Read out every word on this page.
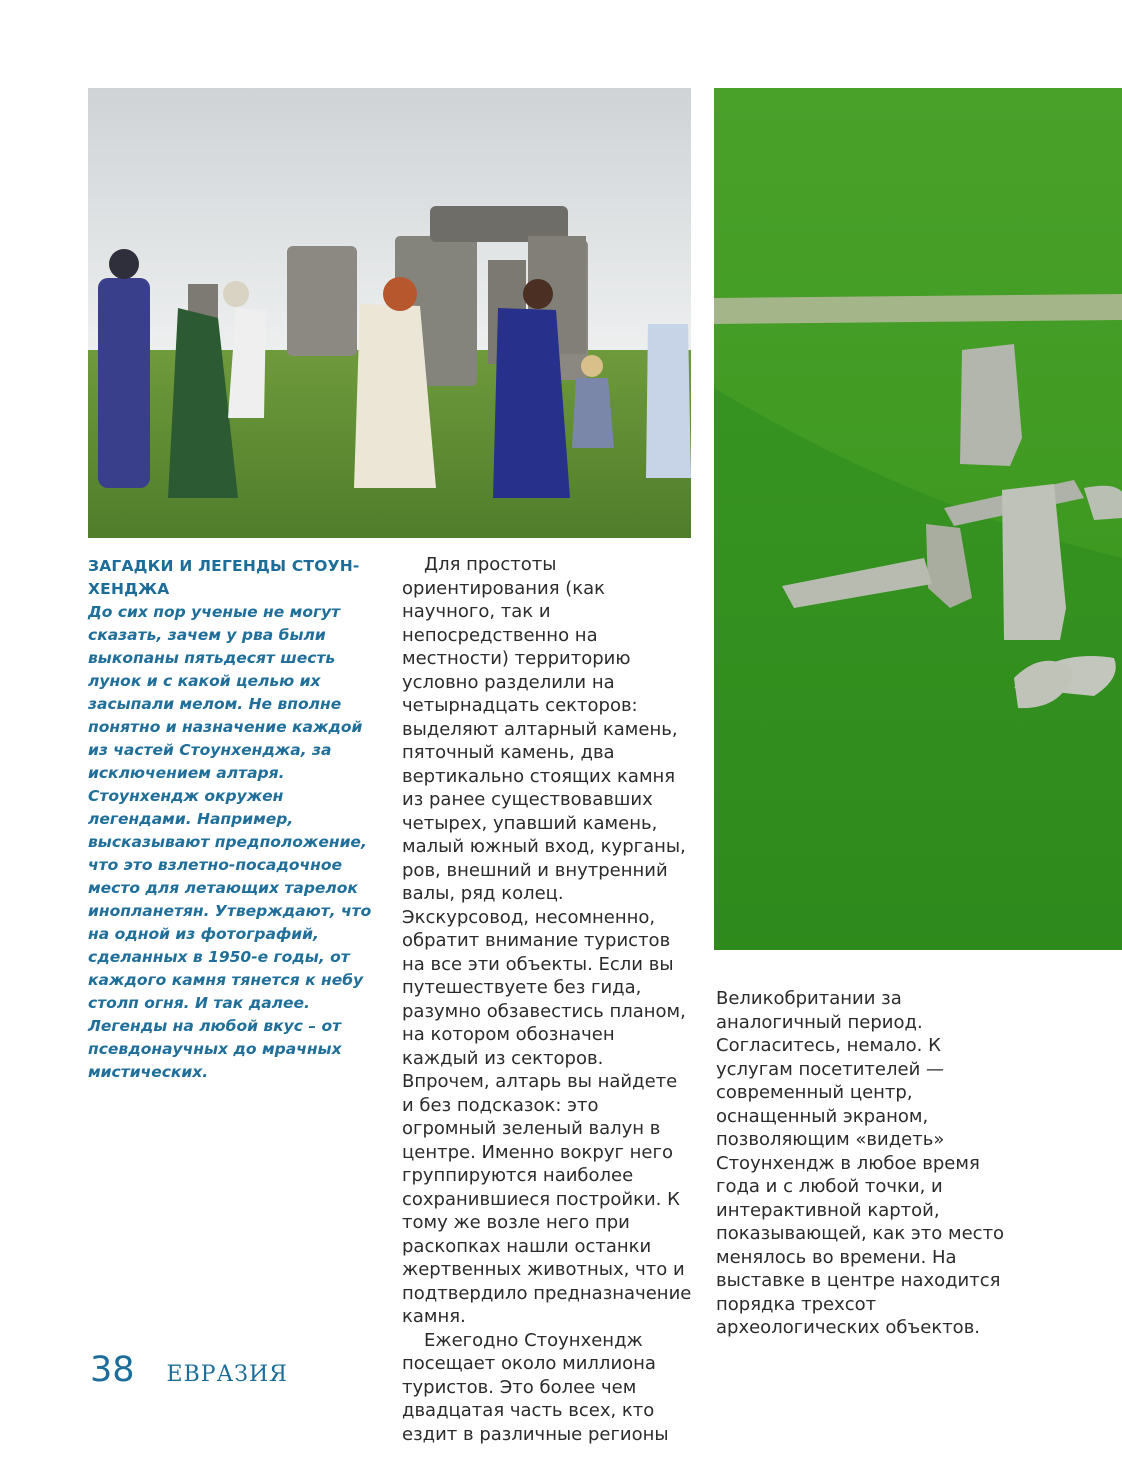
ЗАГАДКИ И ЛЕГЕНДЫ СТОУНХЕНДЖА

До сих пор ученые не могут сказать, зачем у рва были выкопаны пятьдесят шесть лунок и с какой целью их засыпали мелом. Не вполне понятно и назначение каждой из частей Стоунхенджа, за исключением алтаря.

Стоунхендж окружен легендами. Например, высказывают предположение, что это взлетно-посадочное место для летающих тарелок инопланетян. Утверждают, что на одной из фотографий, сделанных в 1950-е годы, от каждого камня тянется к небу столп огня. И так далее. Легенды на любой вкус – от псевдонаучных до мрачных мистических.

Для простоты ориентирования (как научного, так и непосредственно на местности) территорию условно разделили на четырнадцать секторов: выделяют алтарный камень, пяточный камень, два вертикально стоящих камня из ранее существовавших четырех, упавший камень, малый южный вход, курганы, ров, внешний и внутренний валы, ряд колец. Экскурсовод, несомненно, обратит внимание туристов на все эти объекты. Если вы путешествуете без гида, разумно обзавестись планом, на котором обозначен каждый из секторов. Впрочем, алтарь вы найдете и без подсказок: это огромный зеленый валун в центре. Именно вокруг него группируются наиболее сохранившиеся постройки. К тому же возле него при раскопках нашли останки жертвенных животных, что и подтвердило предназначение камня.

Ежегодно Стоунхендж посещает около миллиона туристов. Это более чем двадцатая часть всех, кто ездит в различные регионы

Великобритании за аналогичный период. Согласитесь, немало. К услугам посетителей — современный центр, оснащенный экраном, позволяющим «видеть» Стоунхендж в любое время года и с любой точки, и интерактивной картой, показывающей, как это место менялось во времени. На выставке в центре находится порядка трехсот археологических объектов.

38 ЕВРАЗИЯ
